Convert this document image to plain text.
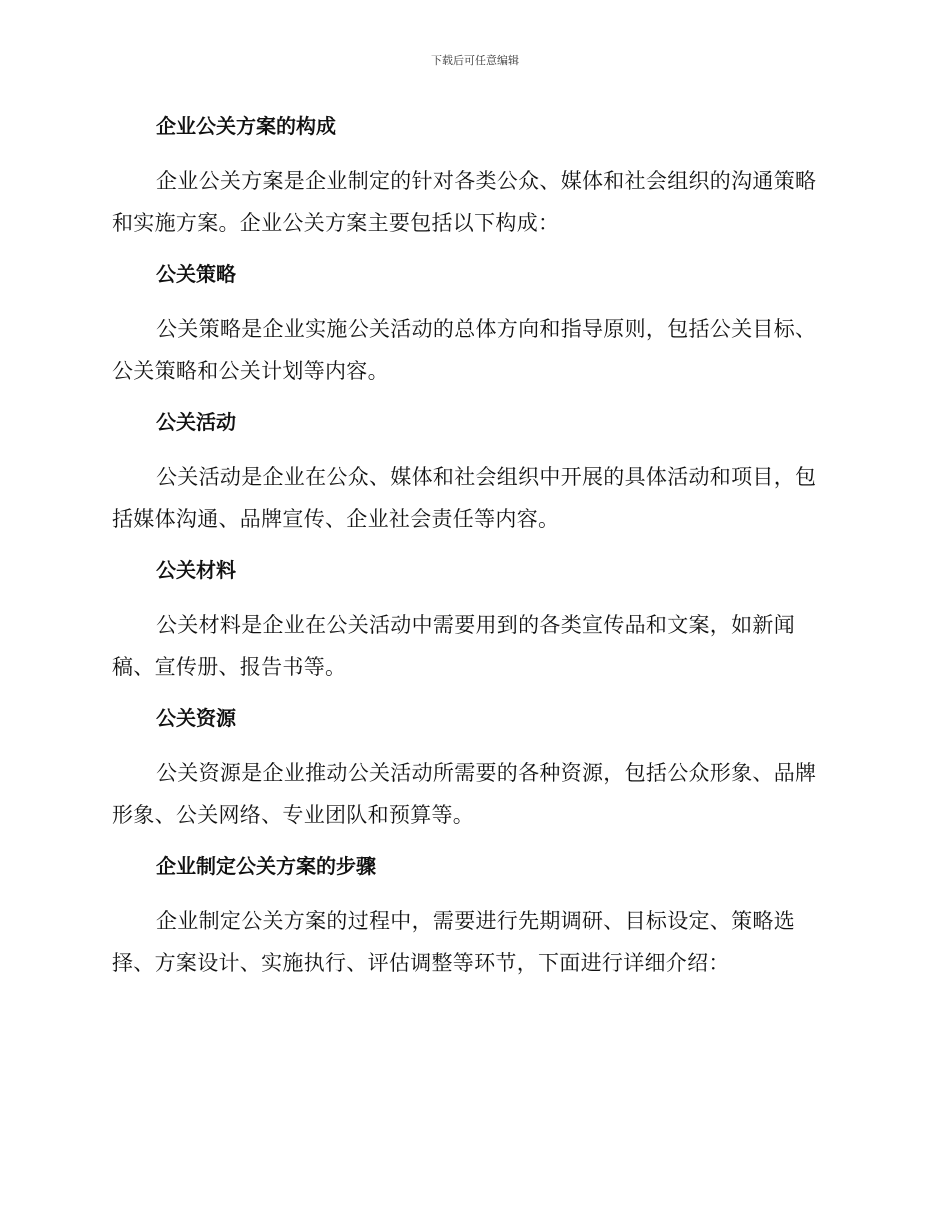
下载后可任意编辑
企业公关方案的构成

企业公关方案是企业制定的针对各类公众、媒体和社会组织的沟通策略和实施方案。企业公关方案主要包括以下构成：

公关策略

公关策略是企业实施公关活动的总体方向和指导原则，包括公关目标、公关策略和公关计划等内容。

公关活动

公关活动是企业在公众、媒体和社会组织中开展的具体活动和项目，包括媒体沟通、品牌宣传、企业社会责任等内容。

公关材料

公关材料是企业在公关活动中需要用到的各类宣传品和文案，如新闻稿、宣传册、报告书等。

公关资源

公关资源是企业推动公关活动所需要的各种资源，包括公众形象、品牌形象、公关网络、专业团队和预算等。

企业制定公关方案的步骤

企业制定公关方案的过程中，需要进行先期调研、目标设定、策略选择、方案设计、实施执行、评估调整等环节，下面进行详细介绍：
